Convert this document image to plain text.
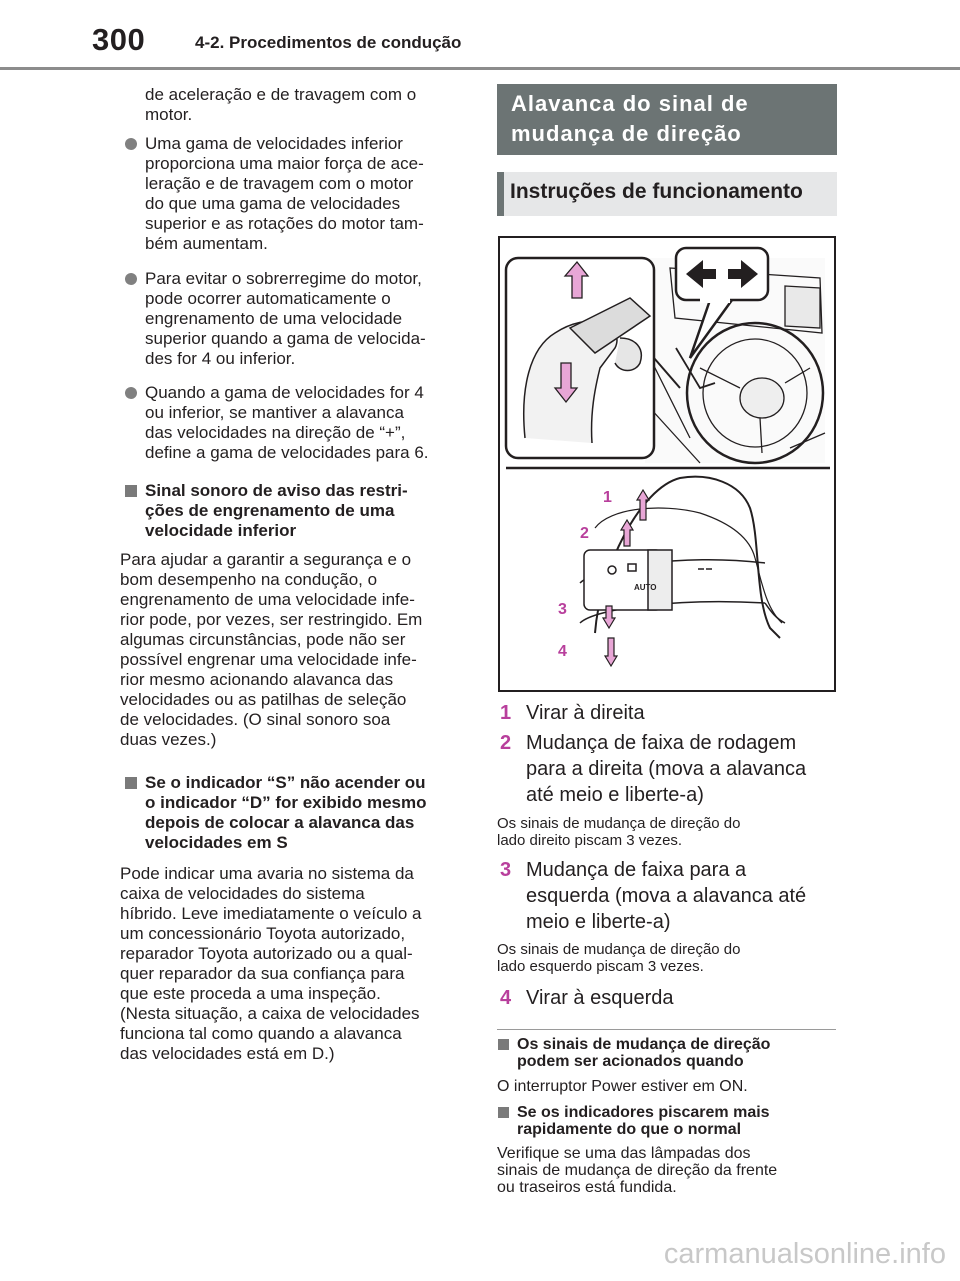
300	4-2. Procedimentos de condução
de aceleração e de travagem com o
motor.
Uma gama de velocidades inferior
proporciona uma maior força de ace-
leração e de travagem com o motor
do que uma gama de velocidades
superior e as rotações do motor tam-
bém aumentam.
Para evitar o sobrerregime do motor,
pode ocorrer automaticamente o
engrenamento de uma velocidade
superior quando a gama de velocida-
des for 4 ou inferior.
Quando a gama de velocidades for 4
ou inferior, se mantiver a alavanca
das velocidades na direção de “+”,
define a gama de velocidades para 6.
Sinal sonoro de aviso das restri-
ções de engrenamento de uma
velocidade inferior
Para ajudar a garantir a segurança e o
bom desempenho na condução, o
engrenamento de uma velocidade infe-
rior pode, por vezes, ser restringido. Em
algumas circunstâncias, pode não ser
possível engrenar uma velocidade infe-
rior mesmo acionando alavanca das
velocidades ou as patilhas de seleção
de velocidades. (O sinal sonoro soa
duas vezes.)
Se o indicador “S” não acender ou
o indicador “D” for exibido mesmo
depois de colocar a alavanca das
velocidades em S
Pode indicar uma avaria no sistema da
caixa de velocidades do sistema
híbrido. Leve imediatamente o veículo a
um concessionário Toyota autorizado,
reparador Toyota autorizado ou a qual-
quer reparador da sua confiança para
que este proceda a uma inspeção.
(Nesta situação, a caixa de velocidades
funciona tal como quando a alavanca
das velocidades está em D.)
Alavanca do sinal de
mudança de direção
Instruções de funcionamento
AUTO
1
2
3
4
1 Virar à direita
2 Mudança de faixa de rodagem
para a direita (mova a alavanca
até meio e liberte-a)
Os sinais de mudança de direção do
lado direito piscam 3 vezes.
3 Mudança de faixa para a
esquerda (mova a alavanca até
meio e liberte-a)
Os sinais de mudança de direção do
lado esquerdo piscam 3 vezes.
4 Virar à esquerda
Os sinais de mudança de direção
podem ser acionados quando
O interruptor Power estiver em ON.
Se os indicadores piscarem mais
rapidamente do que o normal
Verifique se uma das lâmpadas dos
sinais de mudança de direção da frente
ou traseiros está fundida.
carmanualsonline.info
